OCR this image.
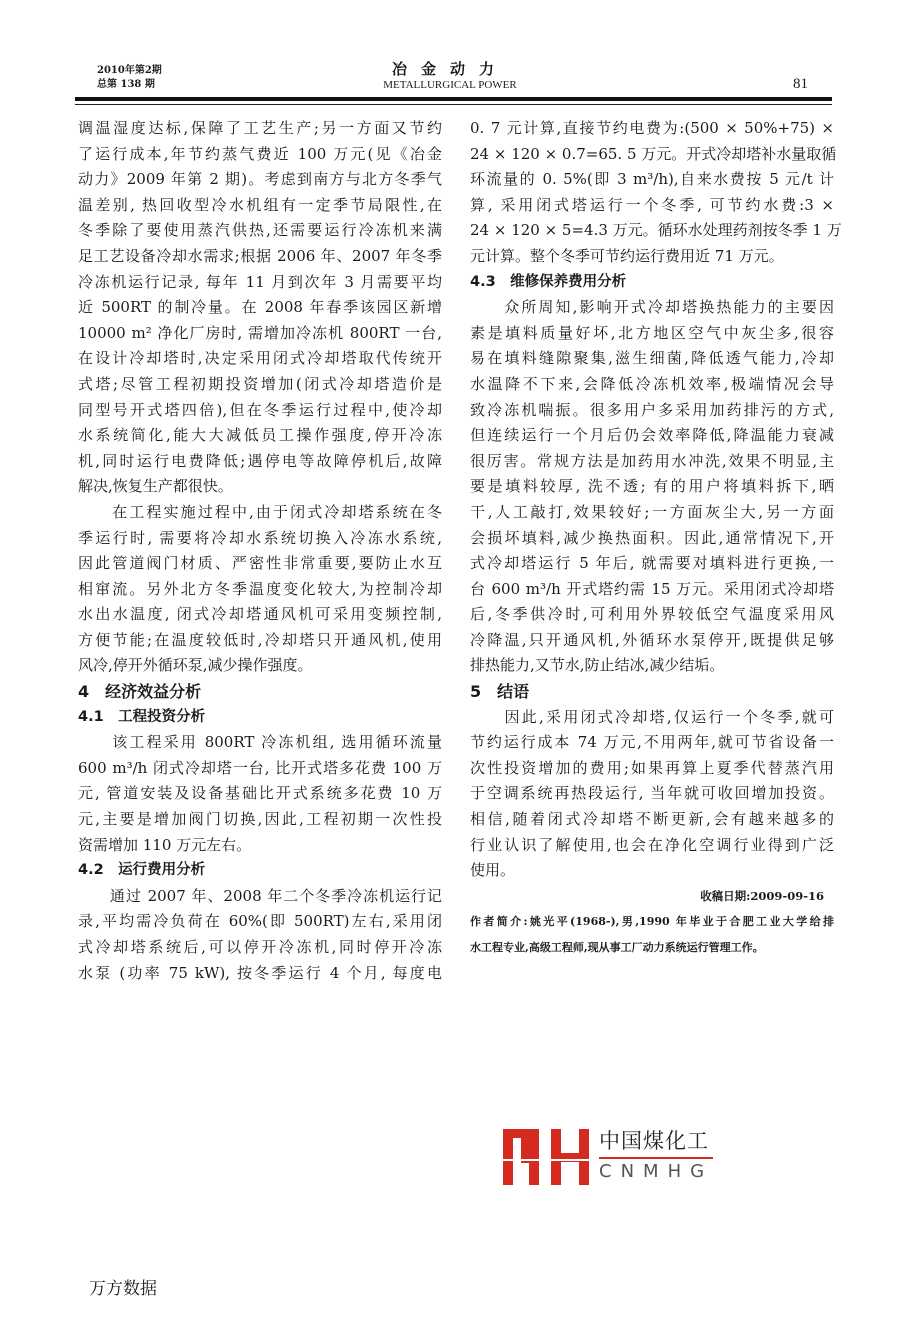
2010年第2期
总第 138 期
冶金动力
METALLURGICAL POWER	81
调温湿度达标,保障了工艺生产;另一方面又节约
了运行成本,年节约蒸气费近 100 万元(见《冶金
动力》2009 年第 2 期)。考虑到南方与北方冬季气
温差别, 热回收型冷水机组有一定季节局限性,在
冬季除了要使用蒸汽供热,还需要运行冷冻机来满
足工艺设备冷却水需求;根据 2006 年、2007 年冬季
冷冻机运行记录, 每年 11 月到次年 3 月需要平均
近 500RT 的制冷量。在 2008 年春季该园区新增
10000 m² 净化厂房时, 需增加冷冻机 800RT 一台,
在设计冷却塔时,决定采用闭式冷却塔取代传统开
式塔;尽管工程初期投资增加(闭式冷却塔造价是
同型号开式塔四倍),但在冬季运行过程中,使冷却
水系统简化,能大大减低员工操作强度,停开冷冻
机,同时运行电费降低;遇停电等故障停机后,故障
解决,恢复生产都很快。
　　在工程实施过程中,由于闭式冷却塔系统在冬
季运行时, 需要将冷却水系统切换入冷冻水系统,
因此管道阀门材质、严密性非常重要,要防止水互
相窜流。另外北方冬季温度变化较大,为控制冷却
水出水温度, 闭式冷却塔通风机可采用变频控制,
方便节能;在温度较低时,冷却塔只开通风机,使用
风冷,停开外循环泵,减少操作强度。
4　经济效益分析
4.1　工程投资分析
　　该工程采用 800RT 冷冻机组, 选用循环流量
600 m³/h 闭式冷却塔一台, 比开式塔多花费 100 万
元, 管道安装及设备基础比开式系统多花费 10 万
元,主要是增加阀门切换,因此,工程初期一次性投
资需增加 110 万元左右。
4.2　运行费用分析
　　通过 2007 年、2008 年二个冬季冷冻机运行记
录,平均需冷负荷在 60%(即 500RT)左右,采用闭
式冷却塔系统后,可以停开冷冻机,同时停开冷冻
水泵 (功率 75 kW), 按冬季运行 4 个月, 每度电
0. 7 元计算,直接节约电费为:(500 × 50%+75) ×
24 × 120 × 0.7=65. 5 万元。开式冷却塔补水量取循
环流量的 0. 5%(即 3 m³/h),自来水费按 5 元/t 计
算, 采用闭式塔运行一个冬季, 可节约水费:3 ×
24 × 120 × 5=4.3 万元。循环水处理药剂按冬季 1 万
元计算。整个冬季可节约运行费用近 71 万元。
4.3　维修保养费用分析
　　众所周知,影响开式冷却塔换热能力的主要因
素是填料质量好坏,北方地区空气中灰尘多,很容
易在填料缝隙聚集,滋生细菌,降低透气能力,冷却
水温降不下来,会降低冷冻机效率,极端情况会导
致冷冻机喘振。很多用户多采用加药排污的方式,
但连续运行一个月后仍会效率降低,降温能力衰减
很厉害。常规方法是加药用水冲洗,效果不明显,主
要是填料较厚, 洗不透; 有的用户将填料拆下,晒
干,人工敲打,效果较好;一方面灰尘大,另一方面
会损坏填料,减少换热面积。因此,通常情况下,开
式冷却塔运行 5 年后, 就需要对填料进行更换,一
台 600 m³/h 开式塔约需 15 万元。采用闭式冷却塔
后,冬季供冷时,可利用外界较低空气温度采用风
冷降温,只开通风机,外循环水泵停开,既提供足够
排热能力,又节水,防止结冰,减少结垢。
5　结语
　　因此,采用闭式冷却塔,仅运行一个冬季,就可
节约运行成本 74 万元,不用两年,就可节省设备一
次性投资增加的费用;如果再算上夏季代替蒸汽用
于空调系统再热段运行, 当年就可收回增加投资。
相信,随着闭式冷却塔不断更新,会有越来越多的
行业认识了解使用,也会在净化空调行业得到广泛
使用。
收稿日期:2009-09-16
作者简介:姚光平(1968-),男,1990 年毕业于合肥工业大学给排
水工程专业,高级工程师,现从事工厂动力系统运行管理工作。
中国煤化工
CNMHG
万方数据
